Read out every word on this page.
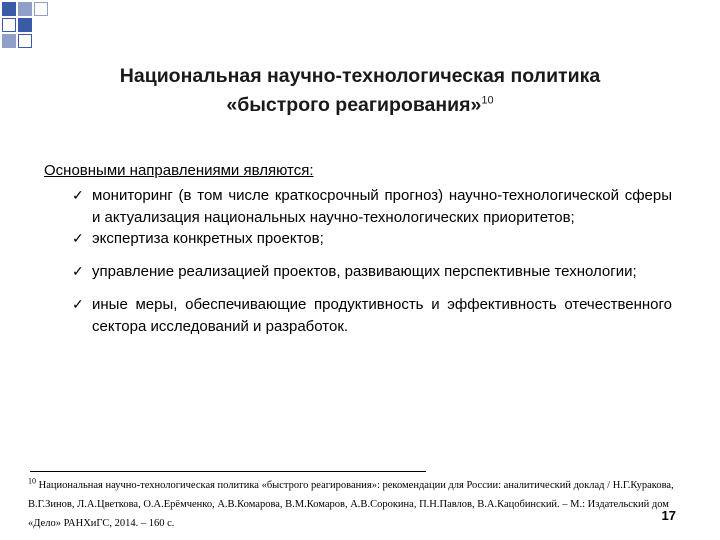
Национальная научно-технологическая политика
«быстрого реагирования»$^{10}$
Основными направлениями являются:
✓ мониторинг (в том числе краткосрочный прогноз) научно-технологической сферы и актуализация национальных научно-технологических приоритетов;
✓ экспертиза конкретных проектов;
✓ управление реализацией проектов, развивающих перспективные технологии;
✓ иные меры, обеспечивающие продуктивность и эффективность отечественного сектора исследований и разработок.
$^{10}$ Национальная научно-технологическая политика «быстрого реагирования»: рекомендации для России: аналитический доклад / Н.Г.Куракова, В.Г.Зинов, Л.А.Цветкова, О.А.Ерёмченко, А.В.Комарова, В.М.Комаров, А.В.Сорокина, П.Н.Павлов, В.А.Кацобинский. – М.: Издательский дом «Дело» РАНХиГС, 2014. – 160 с.
17
